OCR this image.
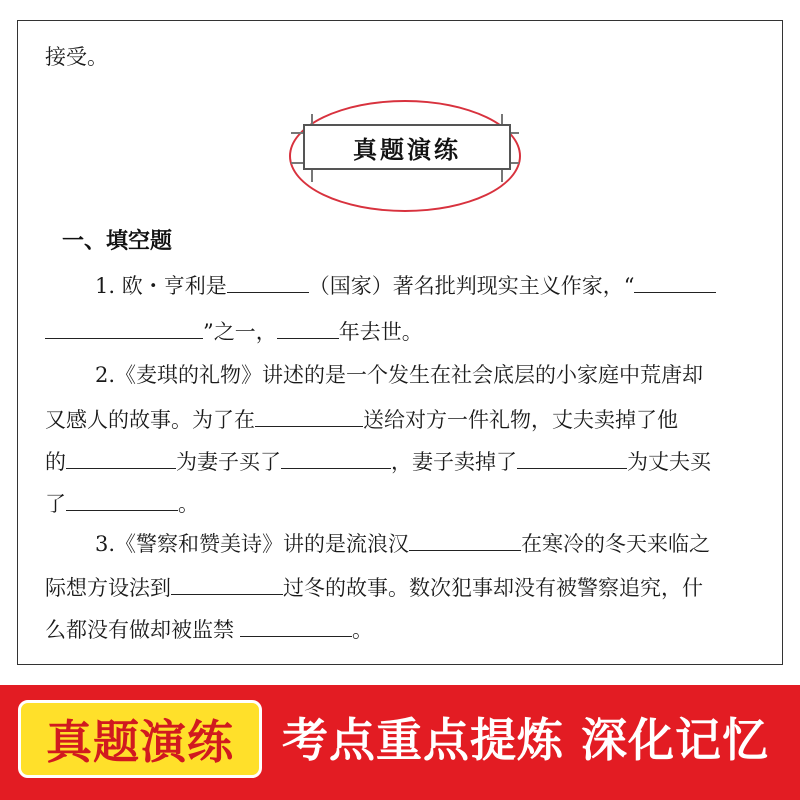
接受。
真题演练
一、填空题
1. 欧・亨利是	（国家）著名批判现实主义作家，“
”之一，	年去世。
2.《麦琪的礼物》讲述的是一个发生在社会底层的小家庭中荒唐却
又感人的故事。为了在	送给对方一件礼物，丈夫卖掉了他
的	为妻子买了	，妻子卖掉了	为丈夫买
了	。
3.《警察和赞美诗》讲的是流浪汉	在寒冷的冬天来临之
际想方设法到	过冬的故事。数次犯事却没有被警察追究，什
么都没有做却被监禁	。
真题演练	考点重点提炼 深化记忆
